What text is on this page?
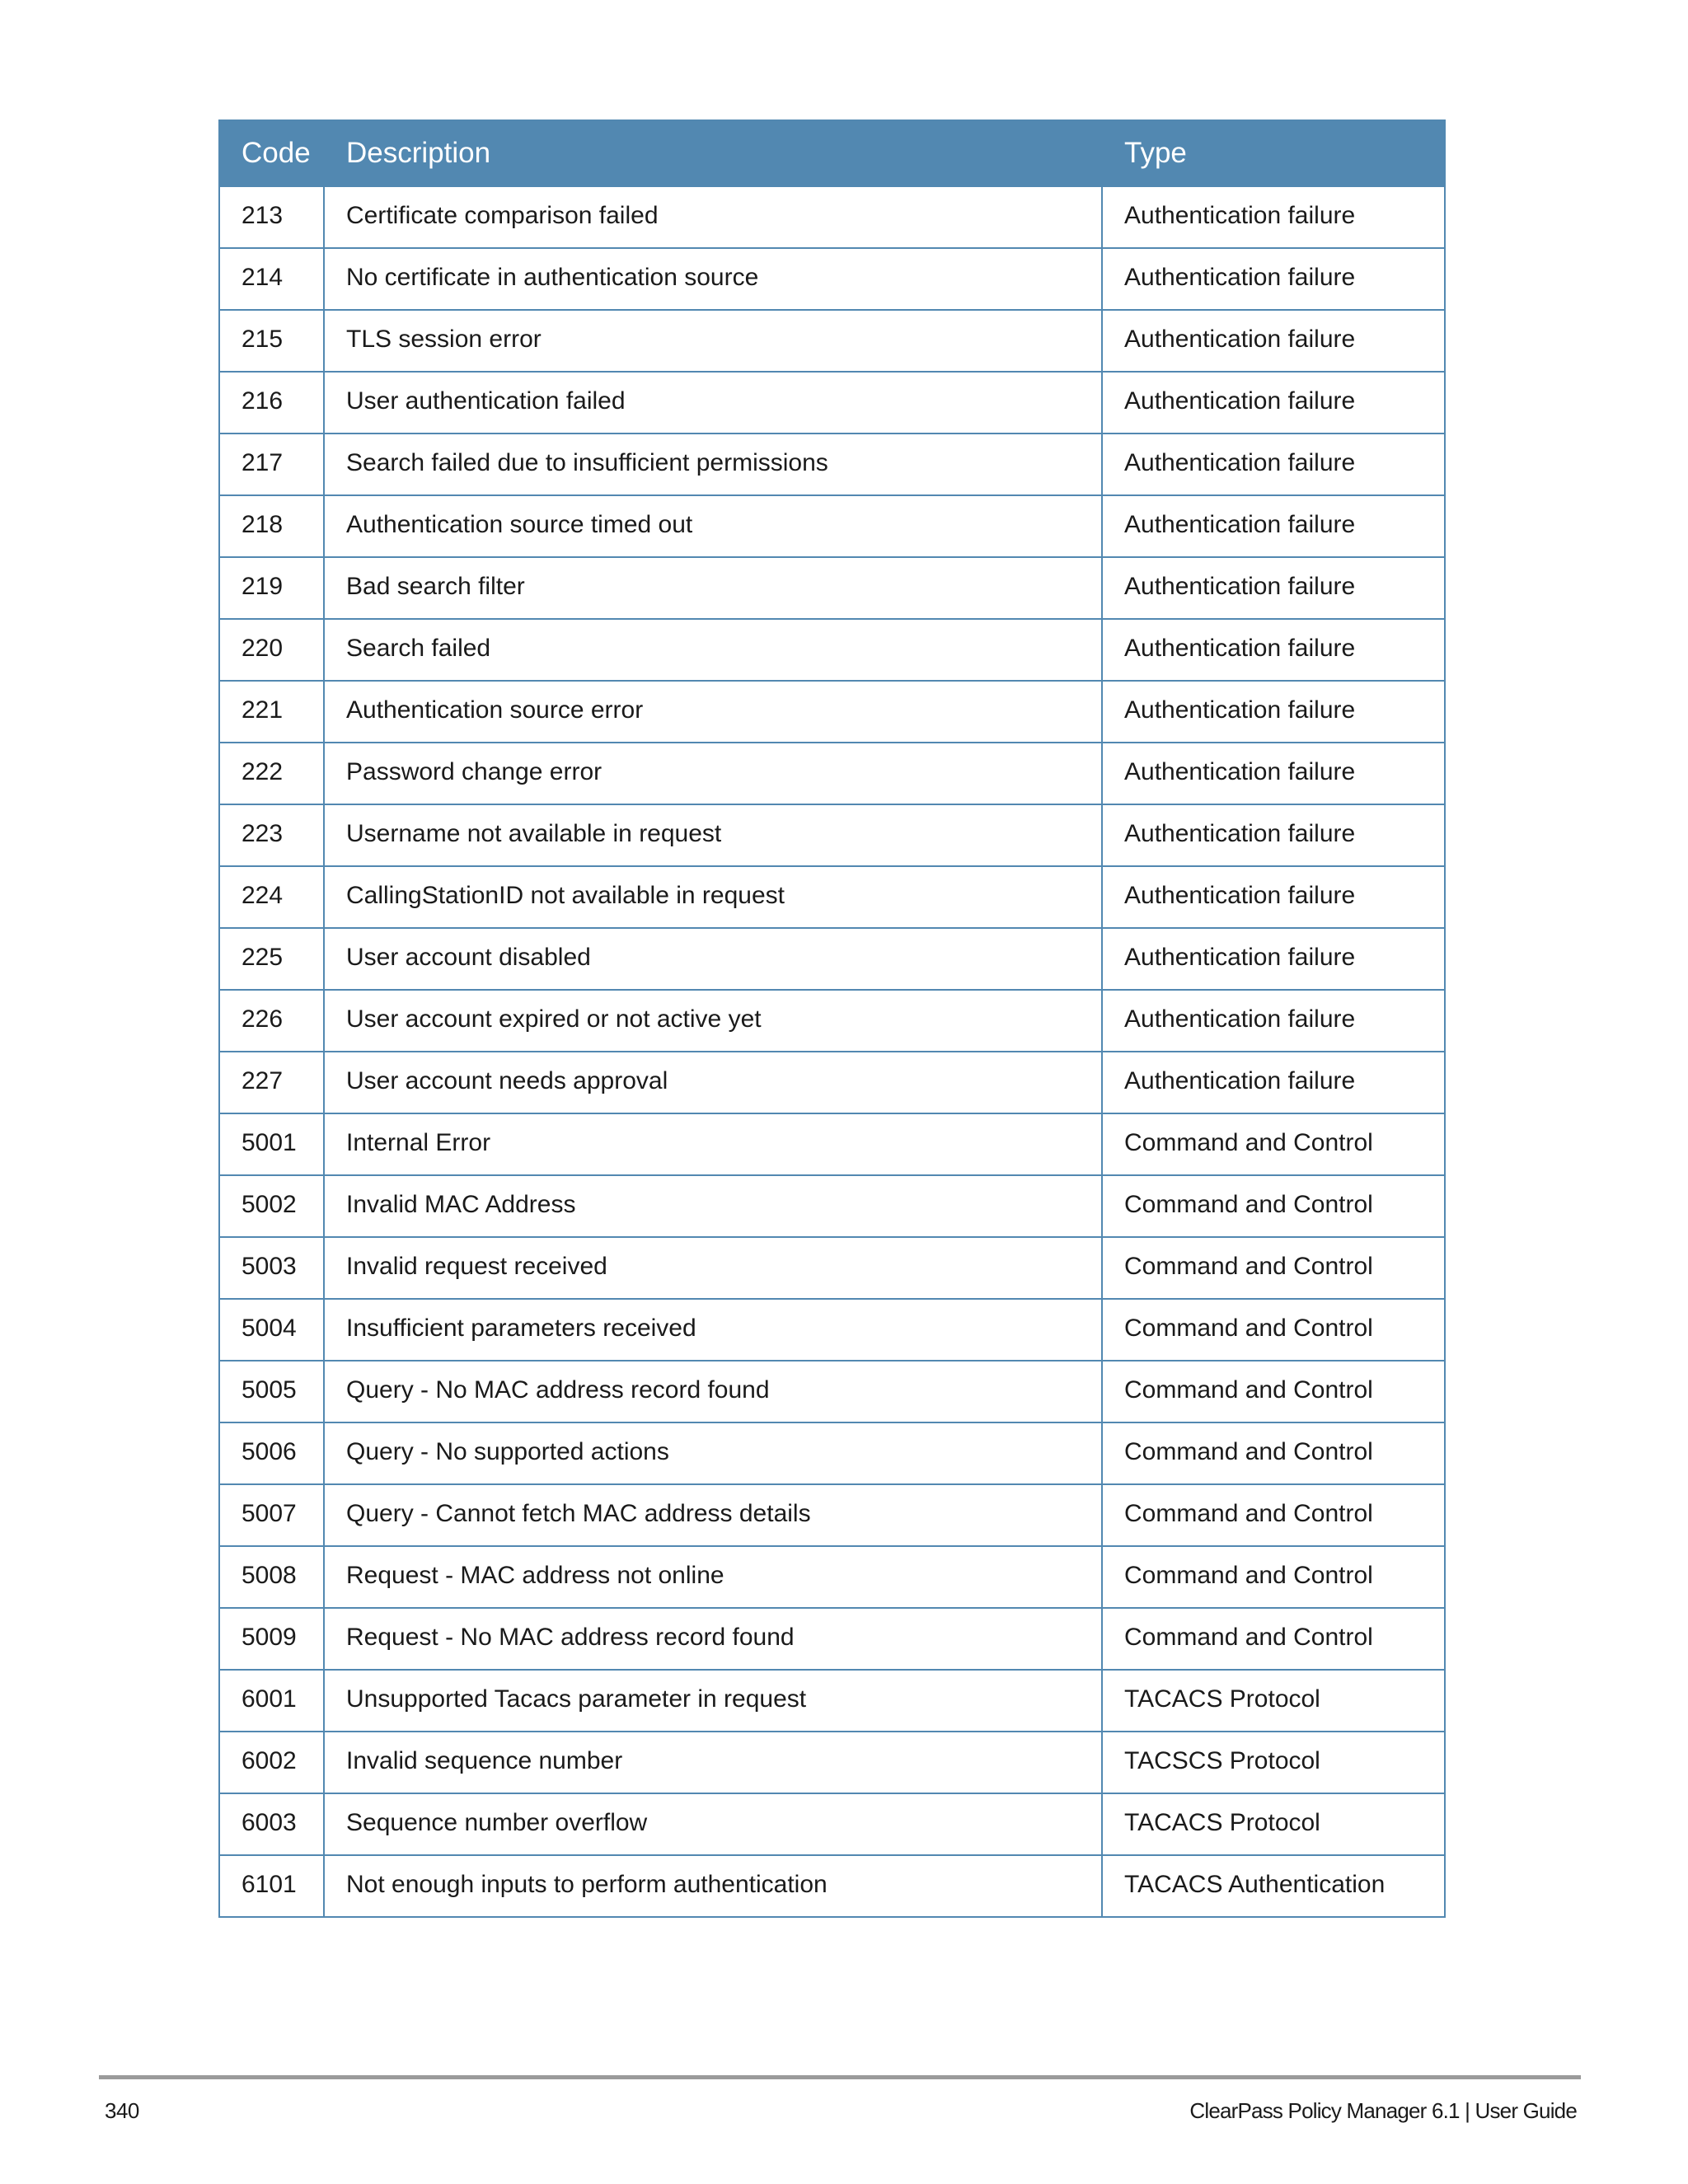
Code	Description	Type
213	Certificate comparison failed	Authentication failure
214	No certificate in authentication source	Authentication failure
215	TLS session error	Authentication failure
216	User authentication failed	Authentication failure
217	Search failed due to insufficient permissions	Authentication failure
218	Authentication source timed out	Authentication failure
219	Bad search filter	Authentication failure
220	Search failed	Authentication failure
221	Authentication source error	Authentication failure
222	Password change error	Authentication failure
223	Username not available in request	Authentication failure
224	CallingStationID not available in request	Authentication failure
225	User account disabled	Authentication failure
226	User account expired or not active yet	Authentication failure
227	User account needs approval	Authentication failure
5001	Internal Error	Command and Control
5002	Invalid MAC Address	Command and Control
5003	Invalid request received	Command and Control
5004	Insufficient parameters received	Command and Control
5005	Query - No MAC address record found	Command and Control
5006	Query - No supported actions	Command and Control
5007	Query - Cannot fetch MAC address details	Command and Control
5008	Request - MAC address not online	Command and Control
5009	Request - No MAC address record found	Command and Control
6001	Unsupported Tacacs parameter in request	TACACS Protocol
6002	Invalid sequence number	TACSCS Protocol
6003	Sequence number overflow	TACACS Protocol
6101	Not enough inputs to perform authentication	TACACS Authentication
340	ClearPass Policy Manager 6.1 | User Guide
